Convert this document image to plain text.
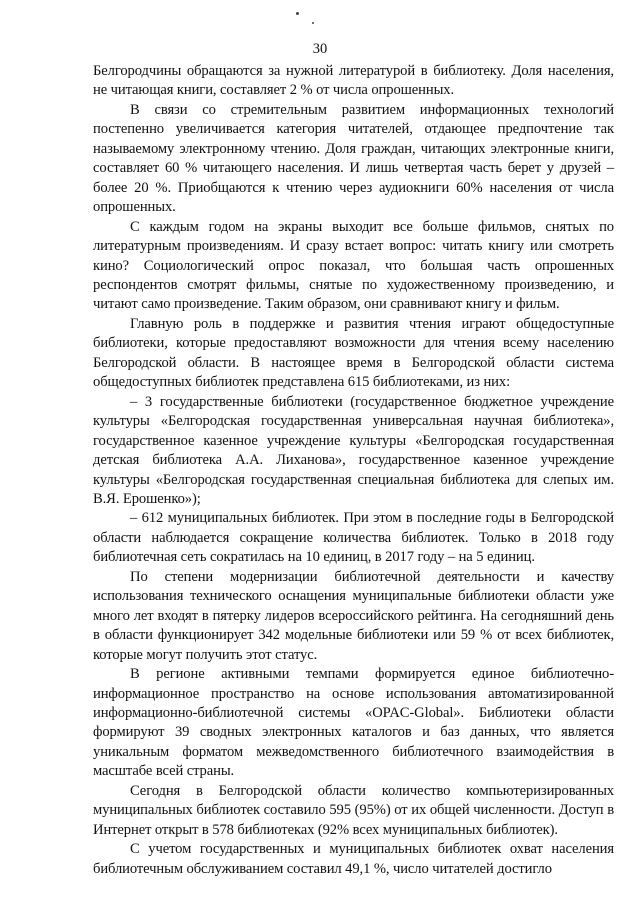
30

Белгородчины обращаются за нужной литературой в библиотеку. Доля населения, не читающая книги, составляет 2 % от числа опрошенных.

В связи со стремительным развитием информационных технологий постепенно увеличивается категория читателей, отдающее предпочтение так называемому электронному чтению. Доля граждан, читающих электронные книги, составляет 60 % читающего населения. И лишь четвертая часть берет у друзей – более 20 %. Приобщаются к чтению через аудиокниги 60% населения от числа опрошенных.

С каждым годом на экраны выходит все больше фильмов, снятых по литературным произведениям. И сразу встает вопрос: читать книгу или смотреть кино? Социологический опрос показал, что большая часть опрошенных респондентов смотрят фильмы, снятые по художественному произведению, и читают само произведение. Таким образом, они сравнивают книгу и фильм.

Главную роль в поддержке и развития чтения играют общедоступные библиотеки, которые предоставляют возможности для чтения всему населению Белгородской области. В настоящее время в Белгородской области система общедоступных библиотек представлена 615 библиотеками, из них:

– 3 государственные библиотеки (государственное бюджетное учреждение культуры «Белгородская государственная универсальная научная библиотека», государственное казенное учреждение культуры «Белгородская государственная детская библиотека А.А. Лиханова», государственное казенное учреждение культуры «Белгородская государственная специальная библиотека для слепых им. В.Я. Ерошенко»);

– 612 муниципальных библиотек. При этом в последние годы в Белгородской области наблюдается сокращение количества библиотек. Только в 2018 году библиотечная сеть сократилась на 10 единиц, в 2017 году – на 5 единиц.

По степени модернизации библиотечной деятельности и качеству использования технического оснащения муниципальные библиотеки области уже много лет входят в пятерку лидеров всероссийского рейтинга. На сегодняшний день в области функционирует 342 модельные библиотеки или 59 % от всех библиотек, которые могут получить этот статус.

В регионе активными темпами формируется единое библиотечно-информационное пространство на основе использования автоматизированной информационно-библиотечной системы «OPAC-Global». Библиотеки области формируют 39 сводных электронных каталогов и баз данных, что является уникальным форматом межведомственного библиотечного взаимодействия в масштабе всей страны.

Сегодня в Белгородской области количество компьютеризированных муниципальных библиотек составило 595 (95%) от их общей численности. Доступ в Интернет открыт в 578 библиотеках (92% всех муниципальных библиотек).

С учетом государственных и муниципальных библиотек охват населения библиотечным обслуживанием составил 49,1 %, число читателей достигло
